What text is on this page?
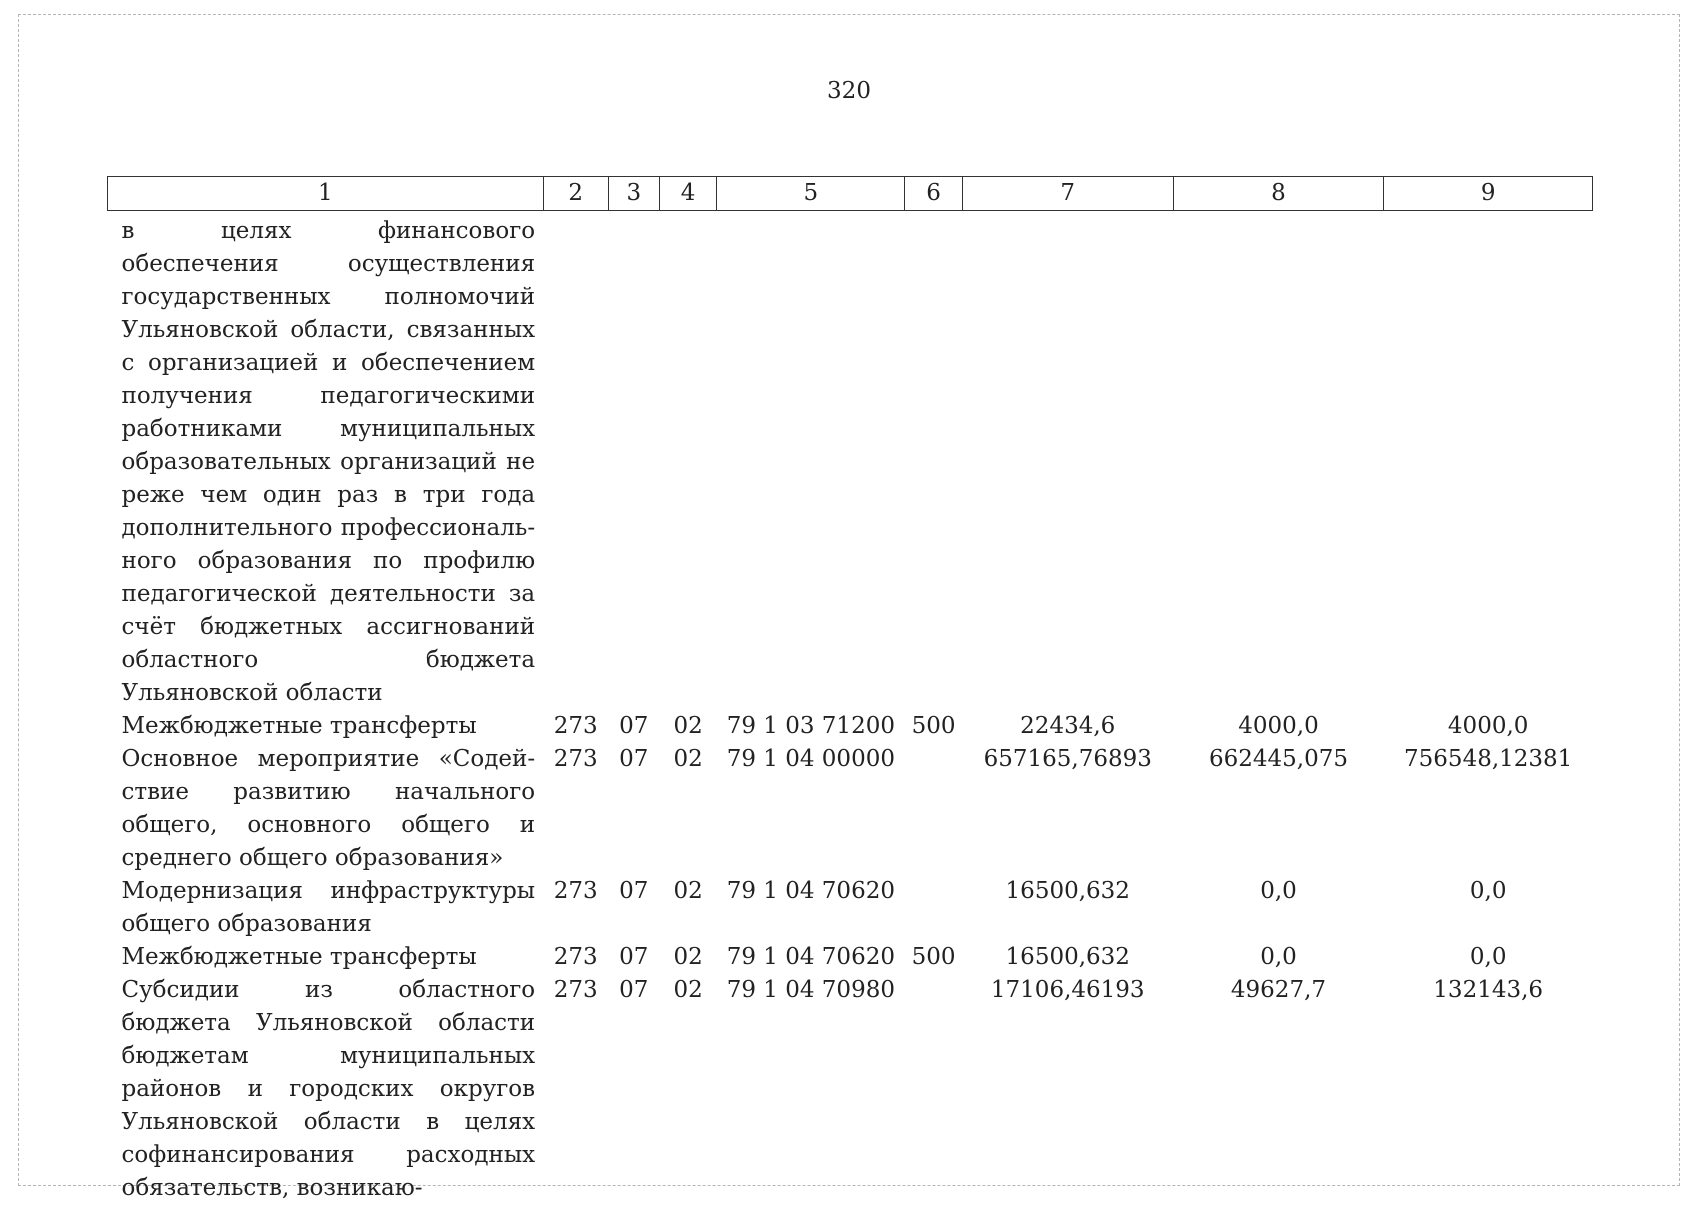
320
1	2	3	4	5	6	7	8	9

в целях финансового обеспечения осуществления государственных полномочий Ульяновской области, связанных с организацией и обеспечением получения педагогическими работниками муниципальных образовательных организаций не реже чем один раз в три года дополнительного профессионального образования по профилю педагогической деятельности за счёт бюджетных ассигнований областного бюджета Ульяновской области								
Межбюджетные трансферты	273	07	02	79 1 03 71200	500	22434,6	4000,0	4000,0
Основное мероприятие «Содействие развитию начального общего, основного общего и среднего общего образования»	273	07	02	79 1 04 00000		657165,76893	662445,075	756548,12381
Модернизация инфраструктуры общего образования	273	07	02	79 1 04 70620		16500,632	0,0	0,0
Межбюджетные трансферты	273	07	02	79 1 04 70620	500	16500,632	0,0	0,0
Субсидии из областного бюджета Ульяновской области бюджетам муниципальных районов и городских округов Ульяновской области в целях софинансирования расходных обязательств, возникаю-	273	07	02	79 1 04 70980		17106,46193	49627,7	132143,6
